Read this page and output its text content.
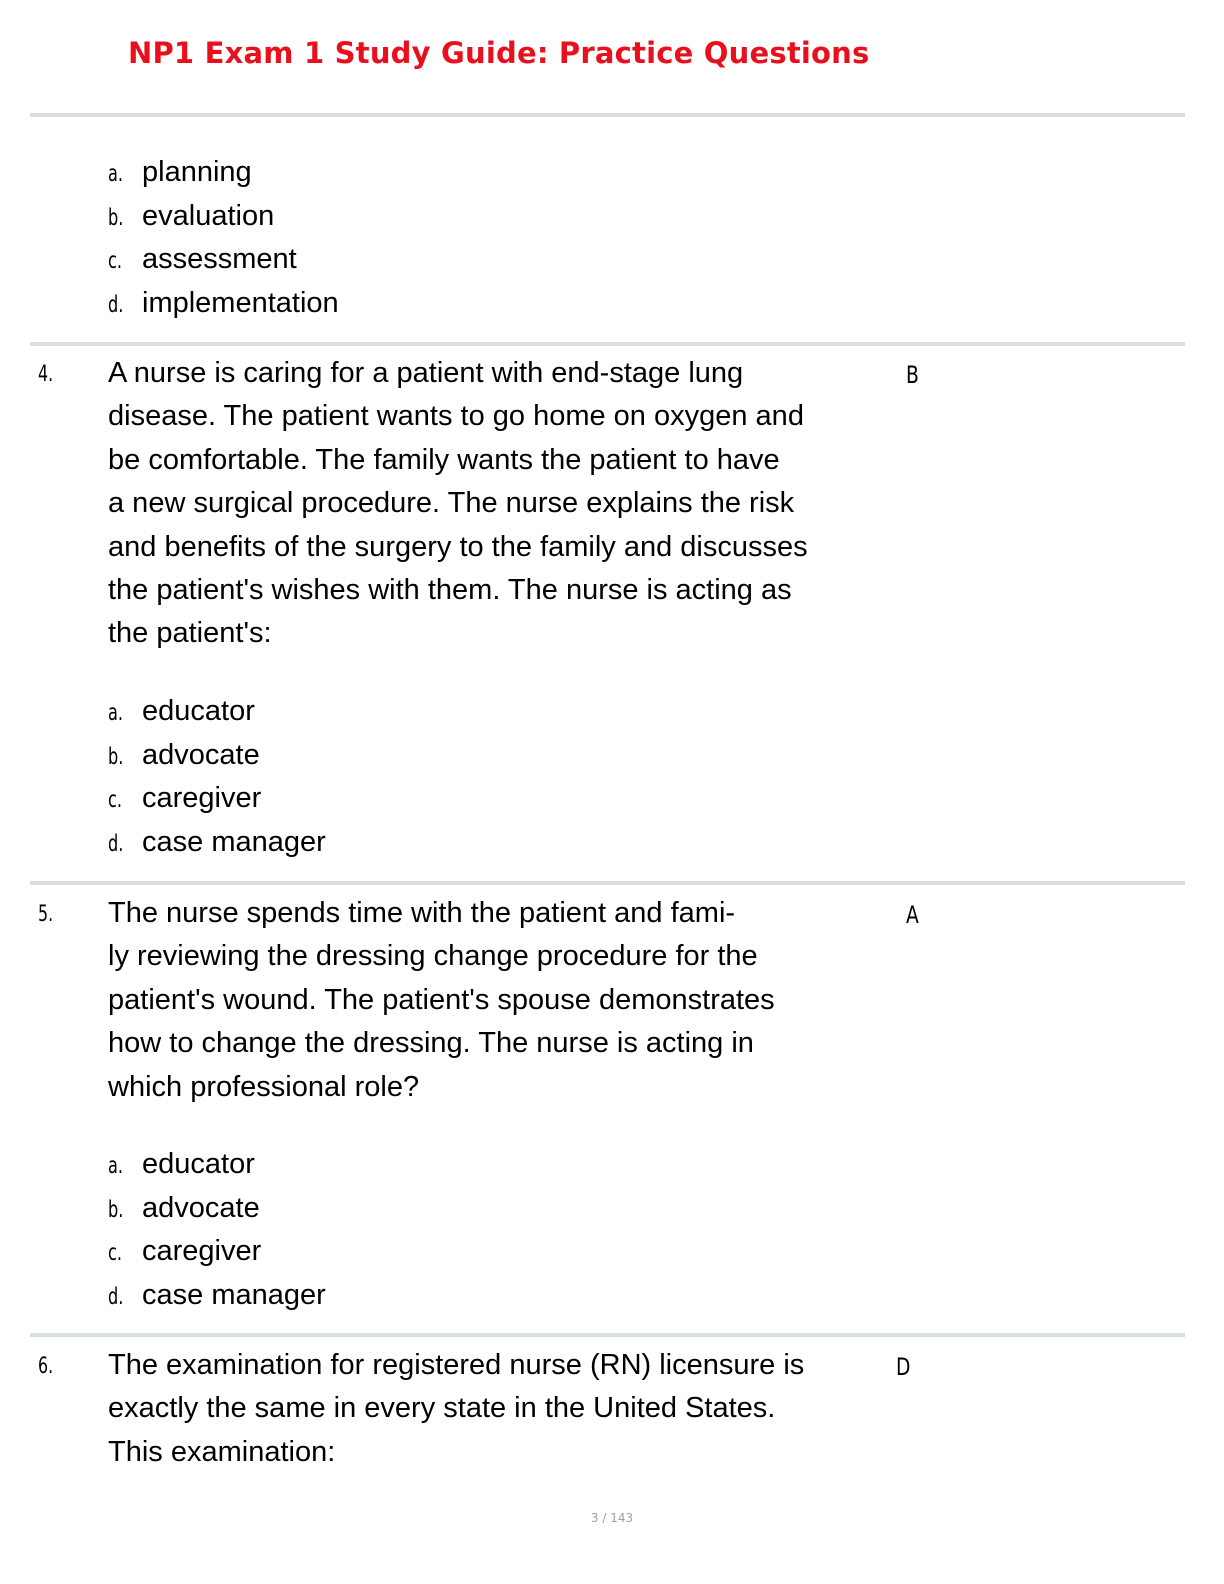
NP1 Exam 1 Study Guide: Practice Questions
a. planning
b. evaluation
c. assessment
d. implementation
4.	B
A nurse is caring for a patient with end-stage lung
disease. The patient wants to go home on oxygen and
be comfortable. The family wants the patient to have
a new surgical procedure. The nurse explains the risk
and benefits of the surgery to the family and discusses
the patient's wishes with them. The nurse is acting as
the patient's:
a. educator
b. advocate
c. caregiver
d. case manager
5.	A
The nurse spends time with the patient and fami-
ly reviewing the dressing change procedure for the
patient's wound. The patient's spouse demonstrates
how to change the dressing. The nurse is acting in
which professional role?
a. educator
b. advocate
c. caregiver
d. case manager
6.	D
The examination for registered nurse (RN) licensure is
exactly the same in every state in the United States.
This examination:
3 / 143
